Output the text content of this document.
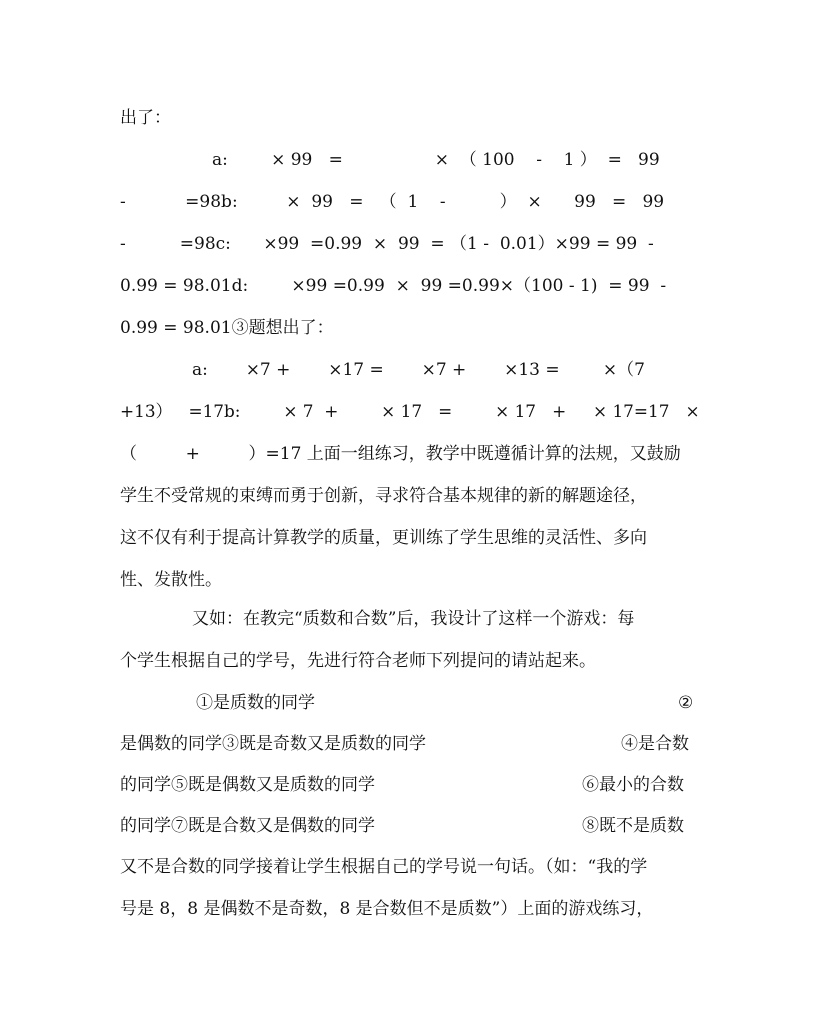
出了：

a:        × 99   =                 ×  （ 100    -    1 ）  =   99

-           =98b:         ×  99   =   （  1    -          ）  ×      99   =   99

-          =98c:      ×99  =0.99  ×  99  = （1 -  0.01）×99 = 99  -

0.99 = 98.01d:        ×99 =0.99  ×  99 =0.99×（100 - 1)  = 99  -

0.99 = 98.01③题想出了：

a:       ×7 +       ×17 =       ×7 +       ×13 =        ×（7

+13）   =17b:        × 7  +        × 17   =        × 17   +     × 17=17   ×

（         +         ）=17 上面一组练习，教学中既遵循计算的法规，又鼓励

学生不受常规的束缚而勇于创新，寻求符合基本规律的新的解题途径，

这不仅有利于提高计算教学的质量，更训练了学生思维的灵活性、多向

性、发散性。

又如：在教完“质数和合数”后，我设计了这样一个游戏：每

个学生根据自己的学号，先进行符合老师下列提问的请站起来。

①是质数的同学

	②

是偶数的同学③既是奇数又是质数的同学

	④是合数

的同学⑤既是偶数又是质数的同学

	⑥最小的合数

的同学⑦既是合数又是偶数的同学

	⑧既不是质数

又不是合数的同学接着让学生根据自己的学号说一句话。（如：“我的学

号是 8，8 是偶数不是奇数，8 是合数但不是质数”）上面的游戏练习，
